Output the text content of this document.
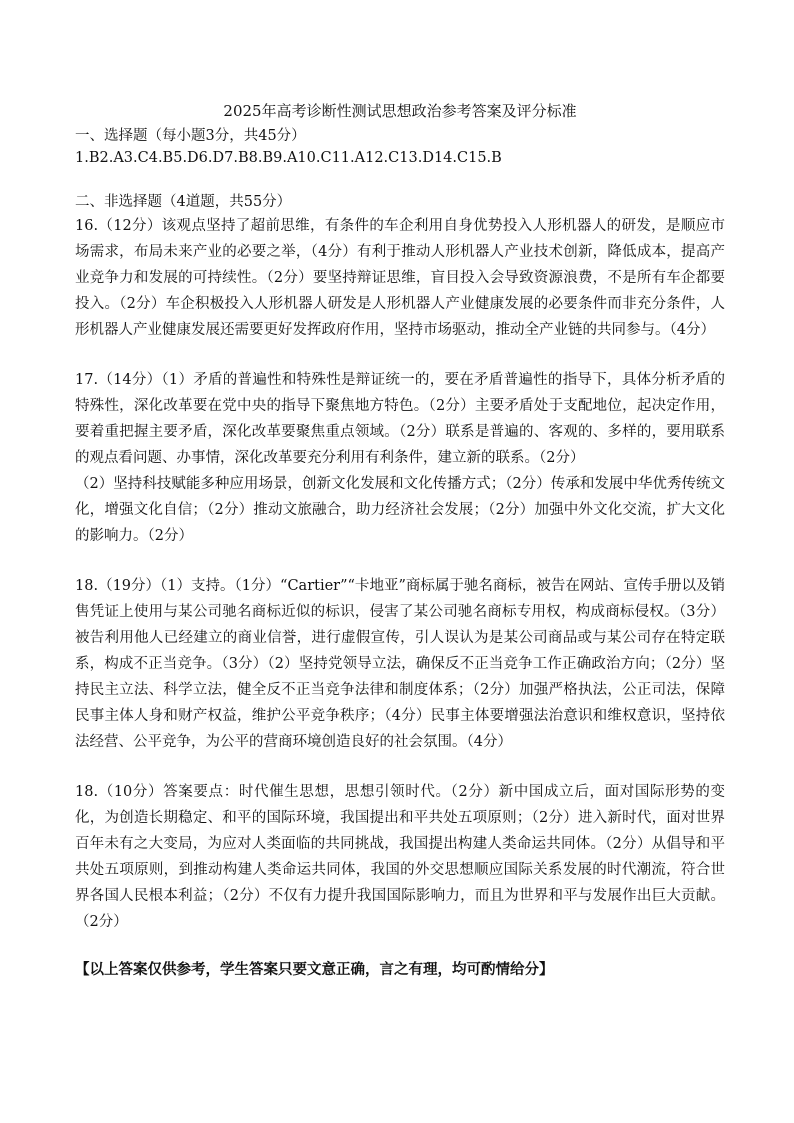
2025年高考诊断性测试思想政治参考答案及评分标准

一、选择题（每小题3分，共45分）

1.B2.A3.C4.B5.D6.D7.B8.B9.A10.C11.A12.C13.D14.C15.B

二、非选择题（4道题，共55分）

16.（12分）该观点坚持了超前思维，有条件的车企利用自身优势投入人形机器人的研发，是顺应市场需求，布局未来产业的必要之举，（4分）有利于推动人形机器人产业技术创新，降低成本，提高产业竞争力和发展的可持续性。（2分）要坚持辩证思维，盲目投入会导致资源浪费，不是所有车企都要投入。（2分）车企积极投入人形机器人研发是人形机器人产业健康发展的必要条件而非充分条件，人形机器人产业健康发展还需要更好发挥政府作用，坚持市场驱动，推动全产业链的共同参与。（4分）

17.（14分）（1）矛盾的普遍性和特殊性是辩证统一的，要在矛盾普遍性的指导下，具体分析矛盾的特殊性，深化改革要在党中央的指导下聚焦地方特色。（2分）主要矛盾处于支配地位，起决定作用，要着重把握主要矛盾，深化改革要聚焦重点领域。（2分）联系是普遍的、客观的、多样的，要用联系的观点看问题、办事情，深化改革要充分利用有利条件，建立新的联系。（2分）

（2）坚持科技赋能多种应用场景，创新文化发展和文化传播方式；（2分）传承和发展中华优秀传统文化，增强文化自信；（2分）推动文旅融合，助力经济社会发展；（2分）加强中外文化交流，扩大文化的影响力。（2分）

18.（19分）（1）支持。（1分）“Cartier”“卡地亚”商标属于驰名商标，被告在网站、宣传手册以及销售凭证上使用与某公司驰名商标近似的标识，侵害了某公司驰名商标专用权，构成商标侵权。（3分）被告利用他人已经建立的商业信誉，进行虚假宣传，引人误认为是某公司商品或与某公司存在特定联系，构成不正当竞争。（3分）（2）坚持党领导立法，确保反不正当竞争工作正确政治方向；（2分）坚持民主立法、科学立法，健全反不正当竞争法律和制度体系；（2分）加强严格执法，公正司法，保障民事主体人身和财产权益，维护公平竞争秩序；（4分）民事主体要增强法治意识和维权意识，坚持依法经营、公平竞争，为公平的营商环境创造良好的社会氛围。（4分）

18.（10分）答案要点：时代催生思想，思想引领时代。（2分）新中国成立后，面对国际形势的变化，为创造长期稳定、和平的国际环境，我国提出和平共处五项原则；（2分）进入新时代，面对世界百年未有之大变局，为应对人类面临的共同挑战，我国提出构建人类命运共同体。（2分）从倡导和平共处五项原则，到推动构建人类命运共同体，我国的外交思想顺应国际关系发展的时代潮流，符合世界各国人民根本利益；（2分）不仅有力提升我国国际影响力，而且为世界和平与发展作出巨大贡献。（2分）

【以上答案仅供参考，学生答案只要文意正确，言之有理，均可酌情给分】
